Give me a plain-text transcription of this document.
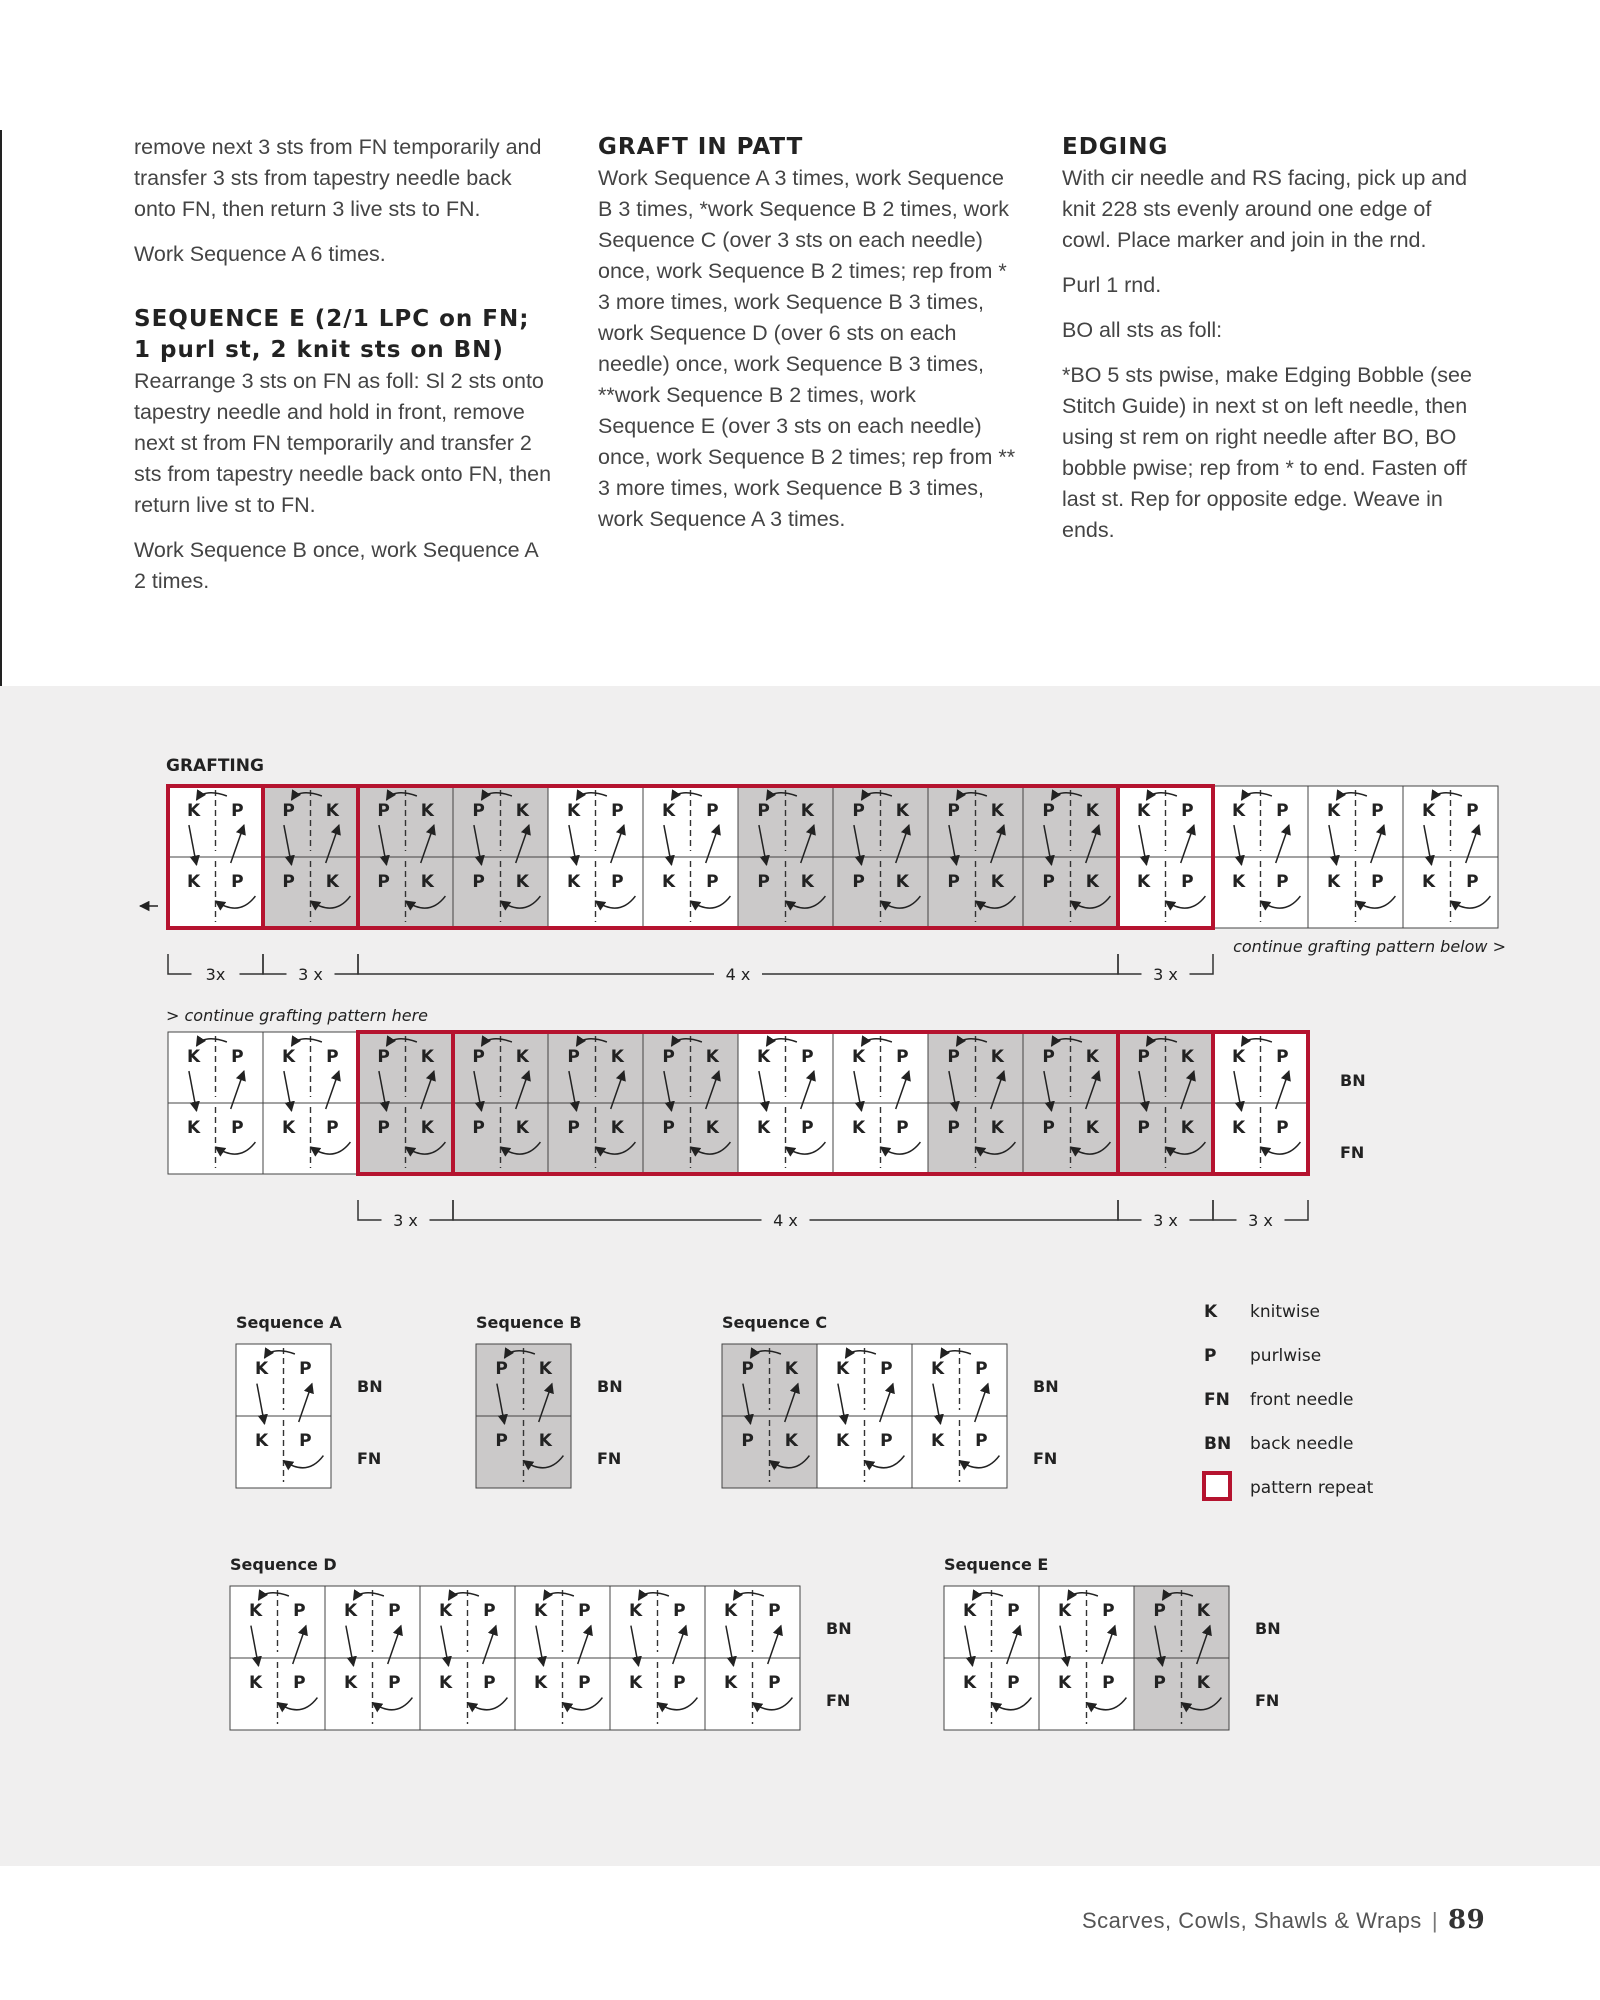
remove next 3 sts from FN temporarily and transfer 3 sts from tapestry needle back onto FN, then return 3 live sts to FN.

Work Sequence A 6 times.

SEQUENCE E (2/1 LPC on FN;
1 purl st, 2 knit sts on BN)

Rearrange 3 sts on FN as foll: Sl 2 sts onto tapestry needle and hold in front, remove next st from FN temporarily and transfer 2 sts from tapestry needle back onto FN, then return live st to FN.

Work Sequence B once, work Sequence A 2 times.

GRAFT IN PATT

Work Sequence A 3 times, work Sequence B 3 times, *work Sequence B 2 times, work Sequence C (over 3 sts on each needle) once, work Sequence B 2 times; rep from * 3 more times, work Sequence B 3 times, work Sequence D (over 6 sts on each needle) once, work Sequence B 3 times, **work Sequence B 2 times, work Sequence E (over 3 sts on each needle) once, work Sequence B 2 times; rep from ** 3 more times, work Sequence B 3 times, work Sequence A 3 times.

EDGING

With cir needle and RS facing, pick up and knit 228 sts evenly around one edge of cowl. Place marker and join in the rnd.

Purl 1 rnd.

BO all sts as foll:

*BO 5 sts pwise, make Edging Bobble (see Stitch Guide) in next st on left needle, then using st rem on right needle after BO, BO bobble pwise; rep from * to end. Fasten off last st. Rep for opposite edge. Weave in ends.

GRAFTING
K P
K P
P K
P K
P K
P K
P K
P K
K P
K P
K P
K P
P K
P K
P K
P K
P K
P K
P K
P K
K P
K P
K P
K P
K P
K P
K P
K P
3x	3 x	4 x	3 x
continue grafting pattern below >
> continue grafting pattern here
K P
K P
K P
K P
P K
P K
P K
P K
P K
P K
P K
P K
K P
K P
K P
K P
P K
P K
P K
P K
P K
P K
K P
K P
3 x	4 x	3 x	3 x
BN
FN
Sequence A
K P
K P
BN
FN
Sequence B
P K
P K
BN
FN
Sequence C
P K
P K
K P
K P
K P
K P
BN
FN
Sequence D
K P
K P
K P
K P
K P
K P
K P
K P
K P
K P
K P
K P
BN
FN
Sequence E
K P
K P
K P
K P
P K
P K
BN
FN
K knitwise
P purlwise
FN front needle
BN back needle
pattern repeat
Scarves, Cowls, Shawls & Wraps | 89
